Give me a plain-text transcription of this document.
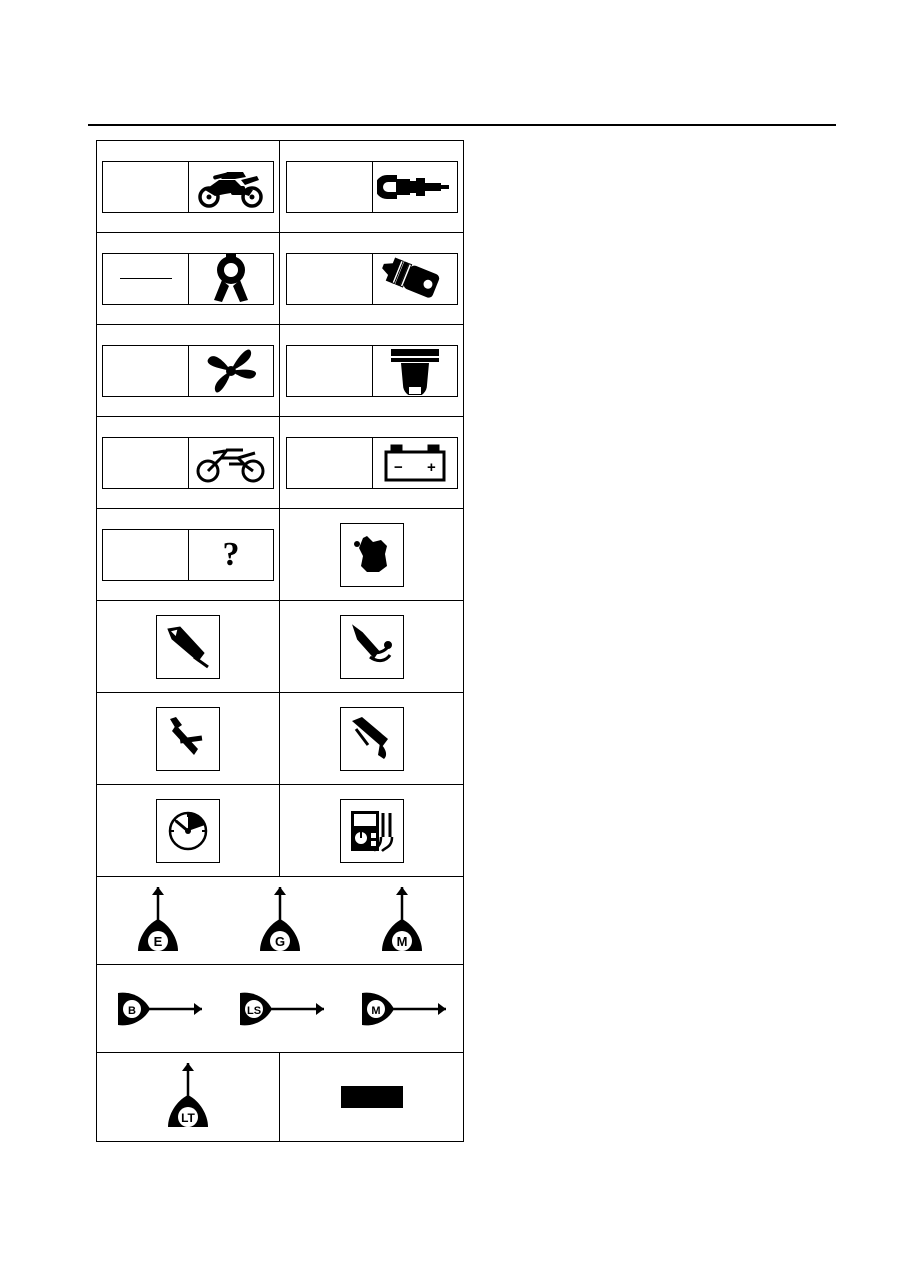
− +
?
E	G	M
B	LS	M
LT
